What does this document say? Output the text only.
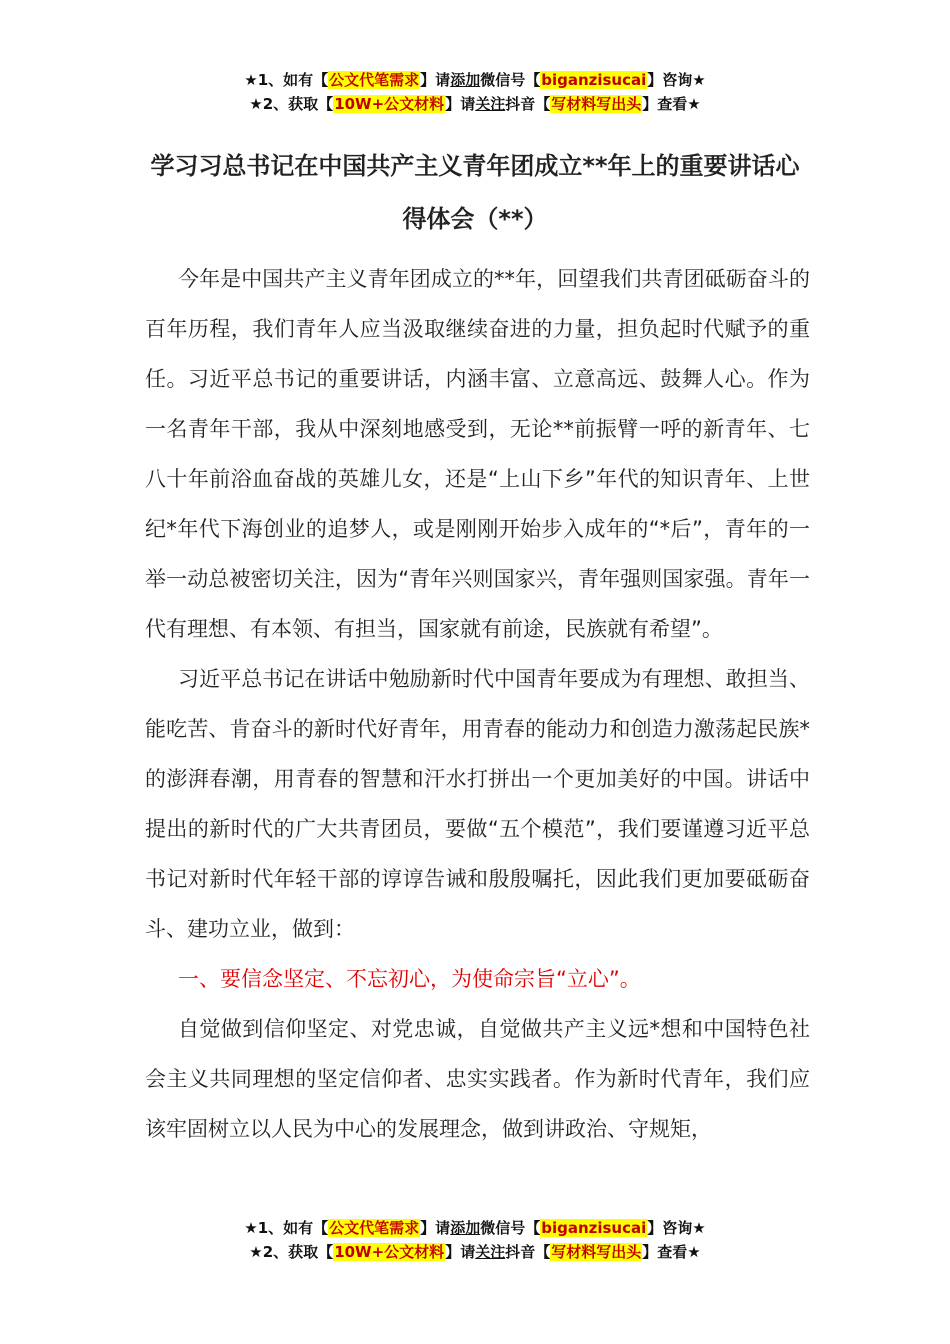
★1、如有【公文代笔需求】请添加微信号【biganzisucai】咨询★
★2、获取【10W+公文材料】请关注抖音【写材料写出头】查看★
学习习总书记在中国共产主义青年团成立**年上的重要讲话心得体会（**）

今年是中国共产主义青年团成立的**年，回望我们共青团砥砺奋斗的百年历程，我们青年人应当汲取继续奋进的力量，担负起时代赋予的重任。习近平总书记的重要讲话，内涵丰富、立意高远、鼓舞人心。作为一名青年干部，我从中深刻地感受到，无论**前振臂一呼的新青年、七八十年前浴血奋战的英雄儿女，还是“上山下乡”年代的知识青年、上世纪*年代下海创业的追梦人，或是刚刚开始步入成年的“*后”，青年的一举一动总被密切关注，因为“青年兴则国家兴，青年强则国家强。青年一代有理想、有本领、有担当，国家就有前途，民族就有希望”。

习近平总书记在讲话中勉励新时代中国青年要成为有理想、敢担当、能吃苦、肯奋斗的新时代好青年，用青春的能动力和创造力激荡起民族*的澎湃春潮，用青春的智慧和汗水打拼出一个更加美好的中国。讲话中提出的新时代的广大共青团员，要做“五个模范”，我们要谨遵习近平总书记对新时代年轻干部的谆谆告诫和殷殷嘱托，因此我们更加要砥砺奋斗、建功立业，做到：

一、要信念坚定、不忘初心，为使命宗旨“立心”。

自觉做到信仰坚定、对党忠诚，自觉做共产主义远*想和中国特色社会主义共同理想的坚定信仰者、忠实实践者。作为新时代青年，我们应该牢固树立以人民为中心的发展理念，做到讲政治、守规矩，

★1、如有【公文代笔需求】请添加微信号【biganzisucai】咨询★
★2、获取【10W+公文材料】请关注抖音【写材料写出头】查看★
